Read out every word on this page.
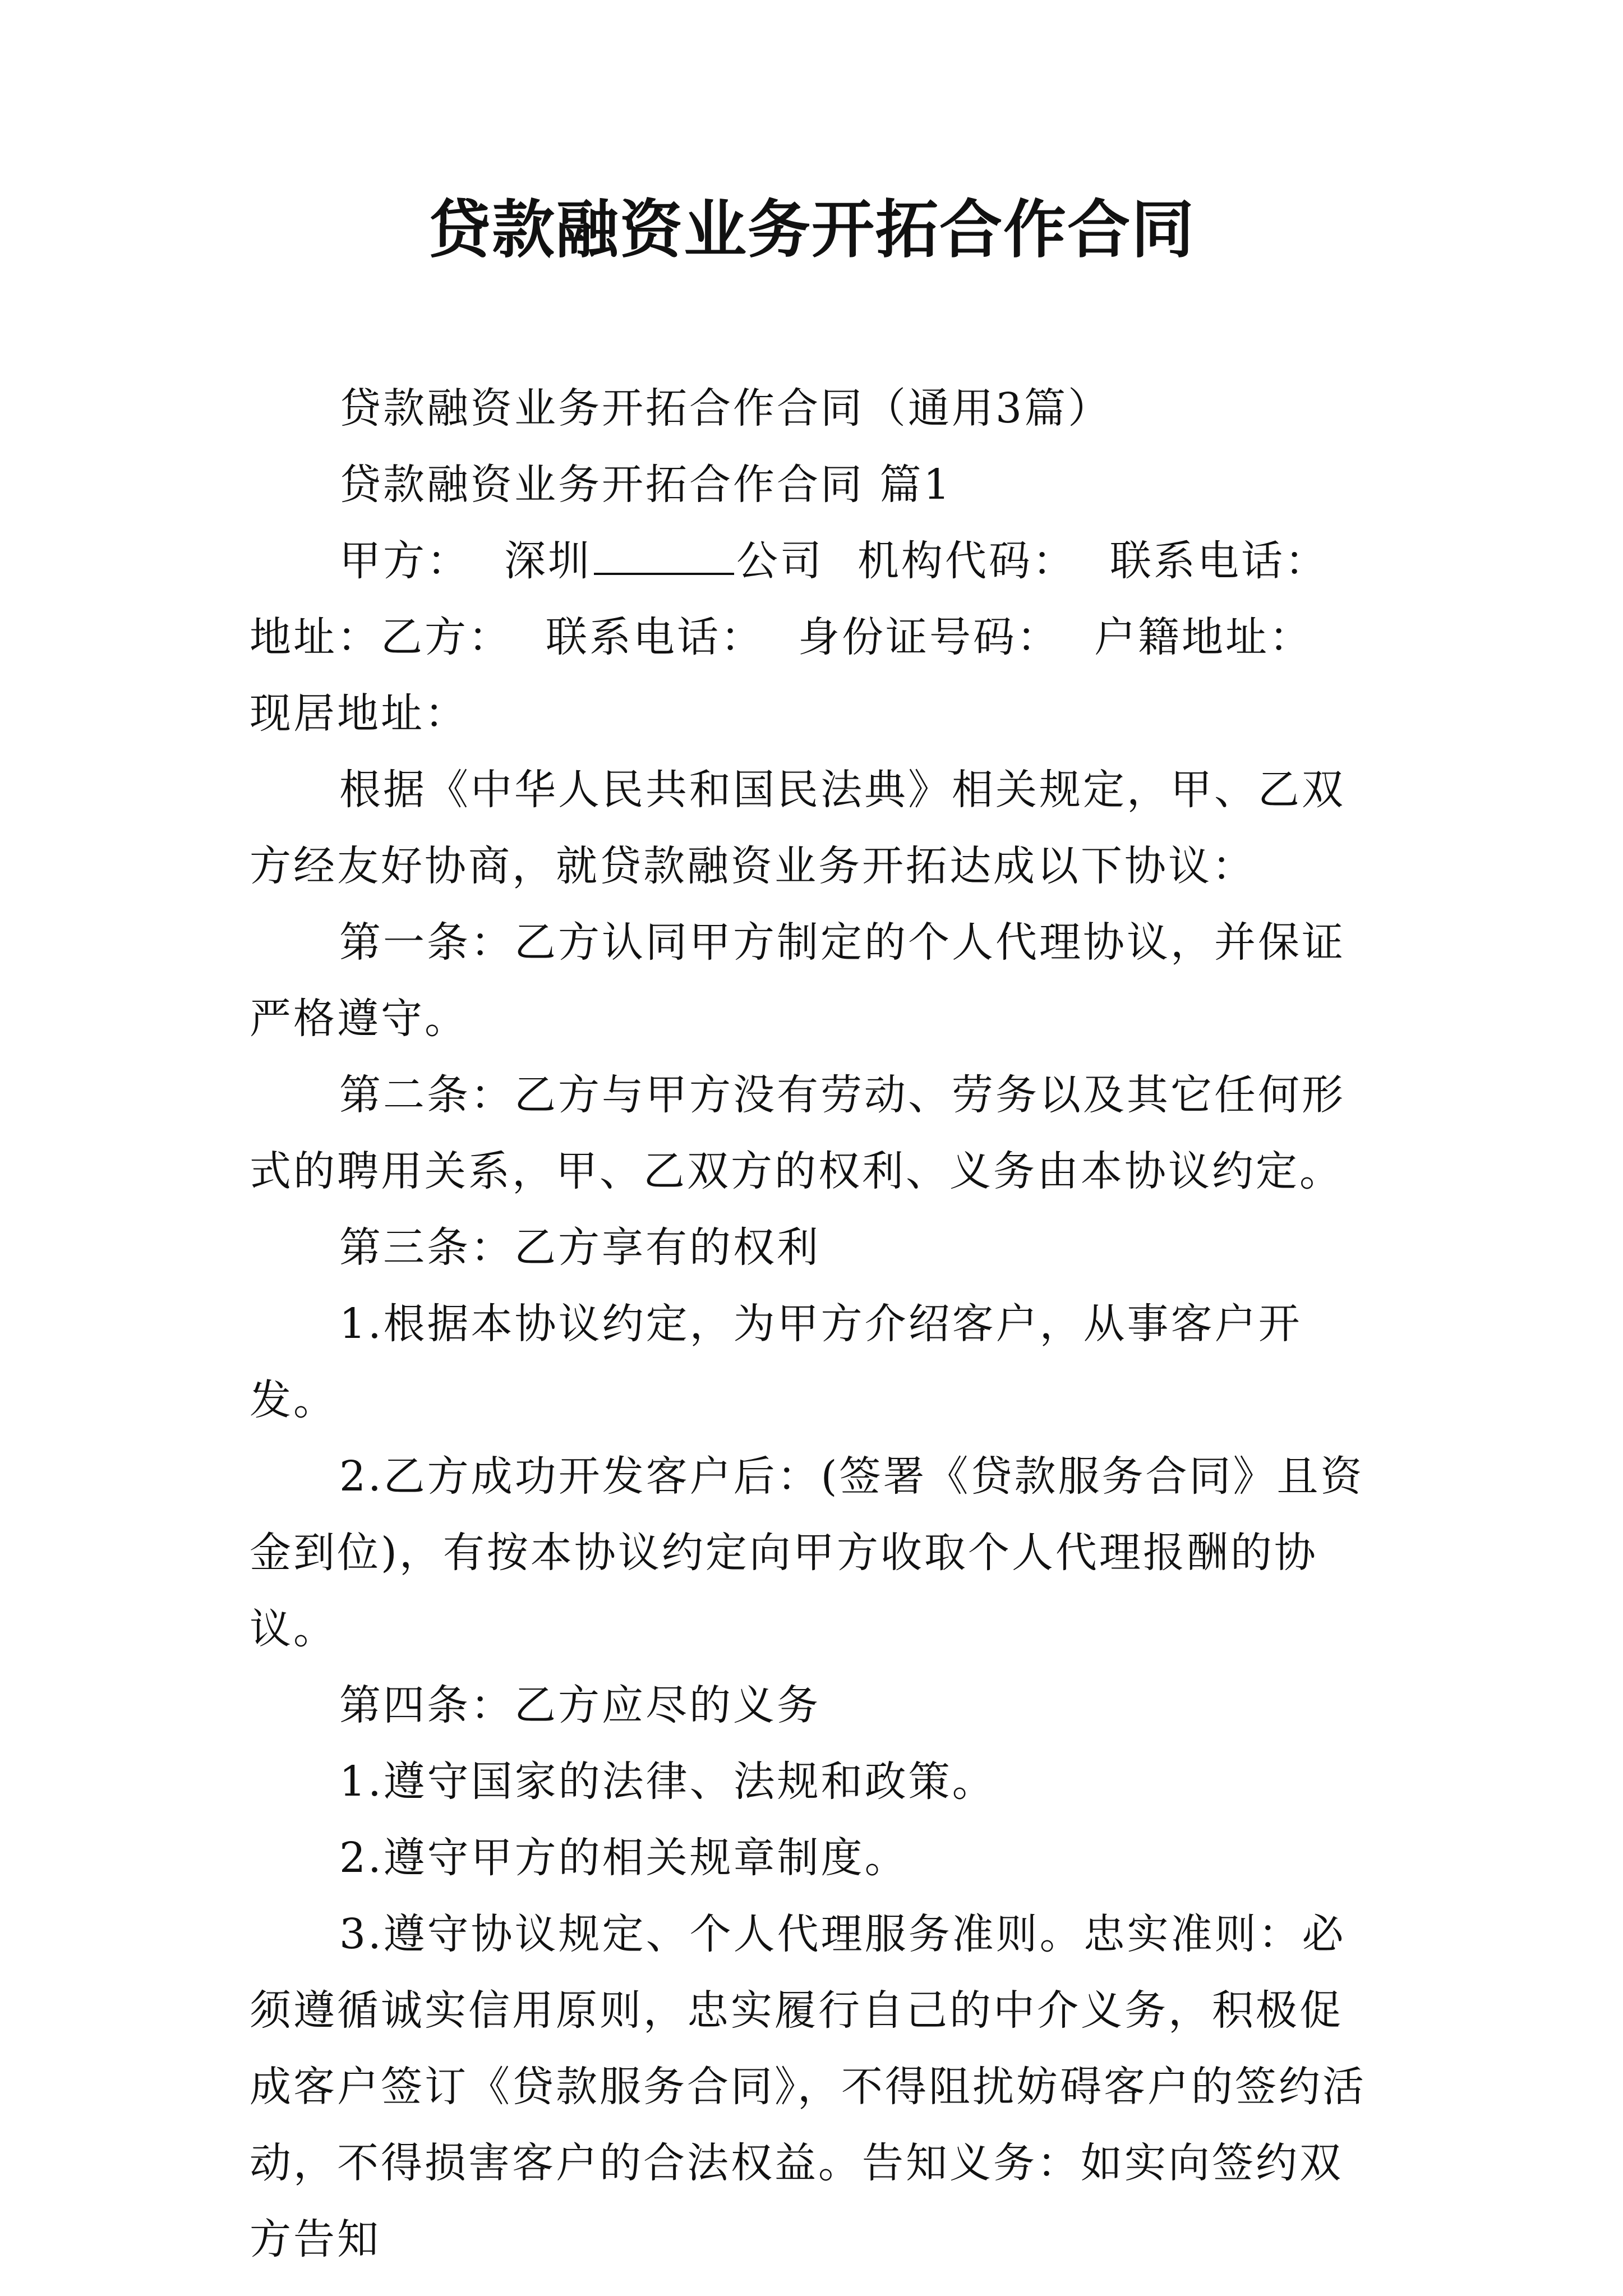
贷款融资业务开拓合作合同

贷款融资业务开拓合作合同（通用3篇）

贷款融资业务开拓合作合同 篇1

甲方： 深圳	公司 机构代码： 联系电话：

地址：乙方： 联系电话： 身份证号码： 户籍地址：

现居地址：

根据《中华人民共和国民法典》相关规定，甲、乙双方经友好协商，就贷款融资业务开拓达成以下协议：

第一条：乙方认同甲方制定的个人代理协议，并保证严格遵守。

第二条：乙方与甲方没有劳动、劳务以及其它任何形式的聘用关系，甲、乙双方的权利、义务由本协议约定。

第三条：乙方享有的权利

1.根据本协议约定，为甲方介绍客户，从事客户开发。

2.乙方成功开发客户后：(签署《贷款服务合同》且资金到位)，有按本协议约定向甲方收取个人代理报酬的协议。

第四条：乙方应尽的义务

1.遵守国家的法律、法规和政策。

2.遵守甲方的相关规章制度。

3.遵守协议规定、个人代理服务准则。忠实准则：必须遵循诚实信用原则，忠实履行自己的中介义务，积极促成客户签订《贷款服务合同》，不得阻扰妨碍客户的签约活动，不得损害客户的合法权益。告知义务：如实向签约双方告知
